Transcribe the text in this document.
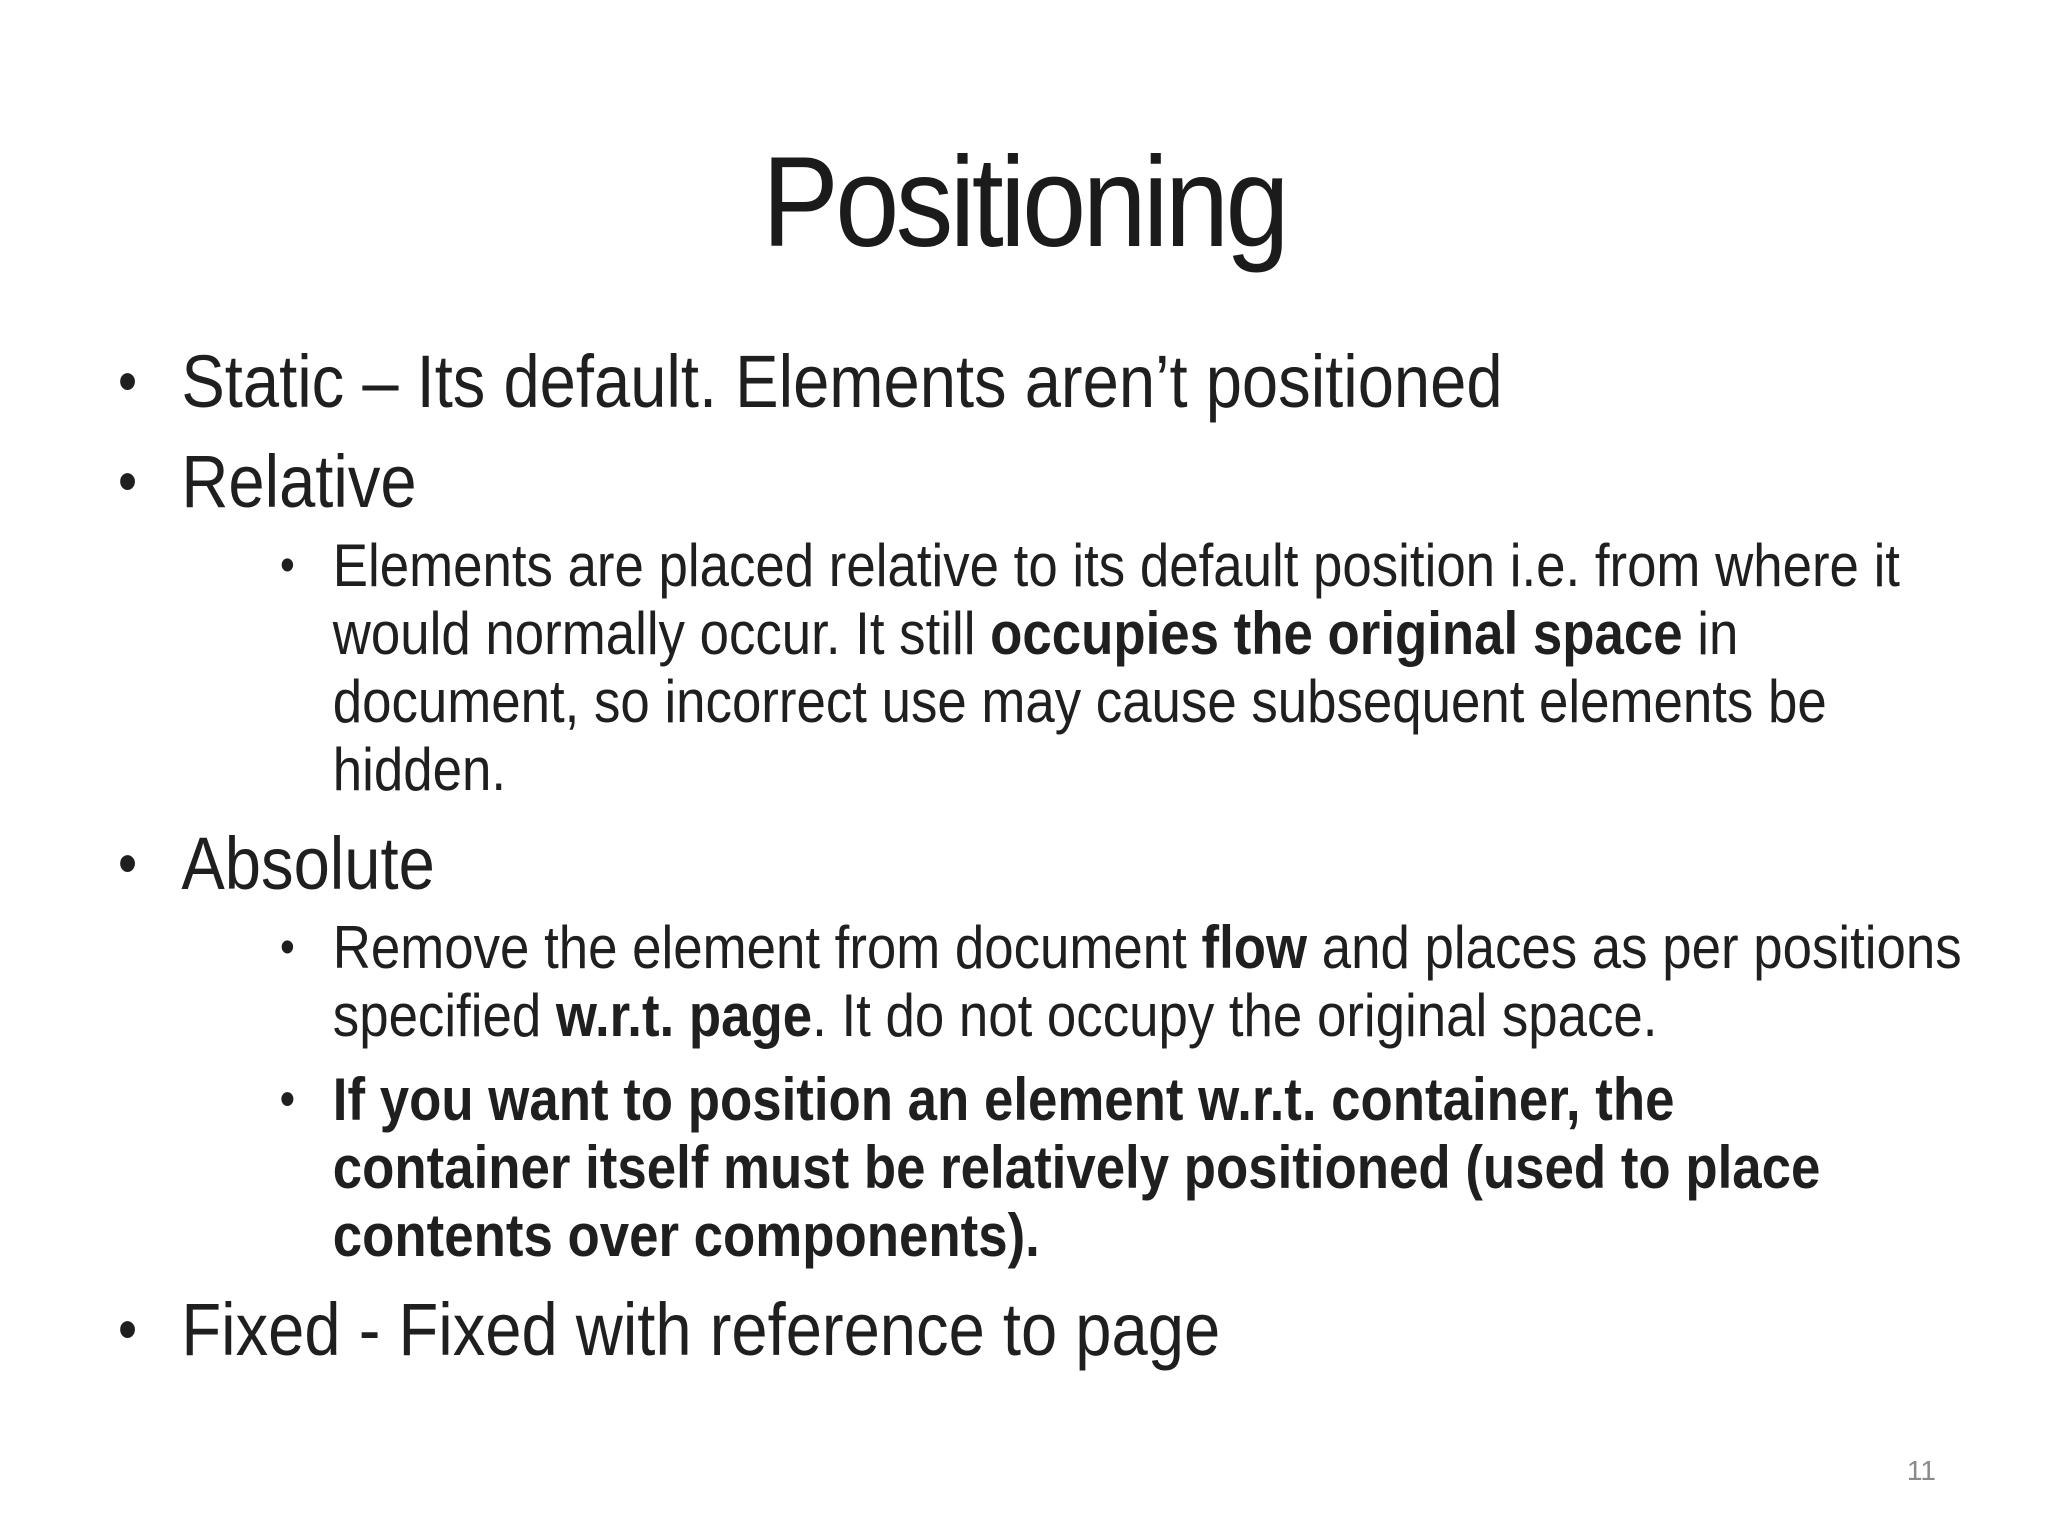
Positioning
• Static – Its default. Elements aren’t positioned
• Relative
• Elements are placed relative to its default position i.e. from where it would normally occur. It still occupies the original space in document, so incorrect use may cause subsequent elements be hidden.
• Absolute
• Remove the element from document flow and places as per positions specified w.r.t. page. It do not occupy the original space.
• If you want to position an element w.r.t. container, the container itself must be relatively positioned (used to place contents over components).
• Fixed - Fixed with reference to page
11
